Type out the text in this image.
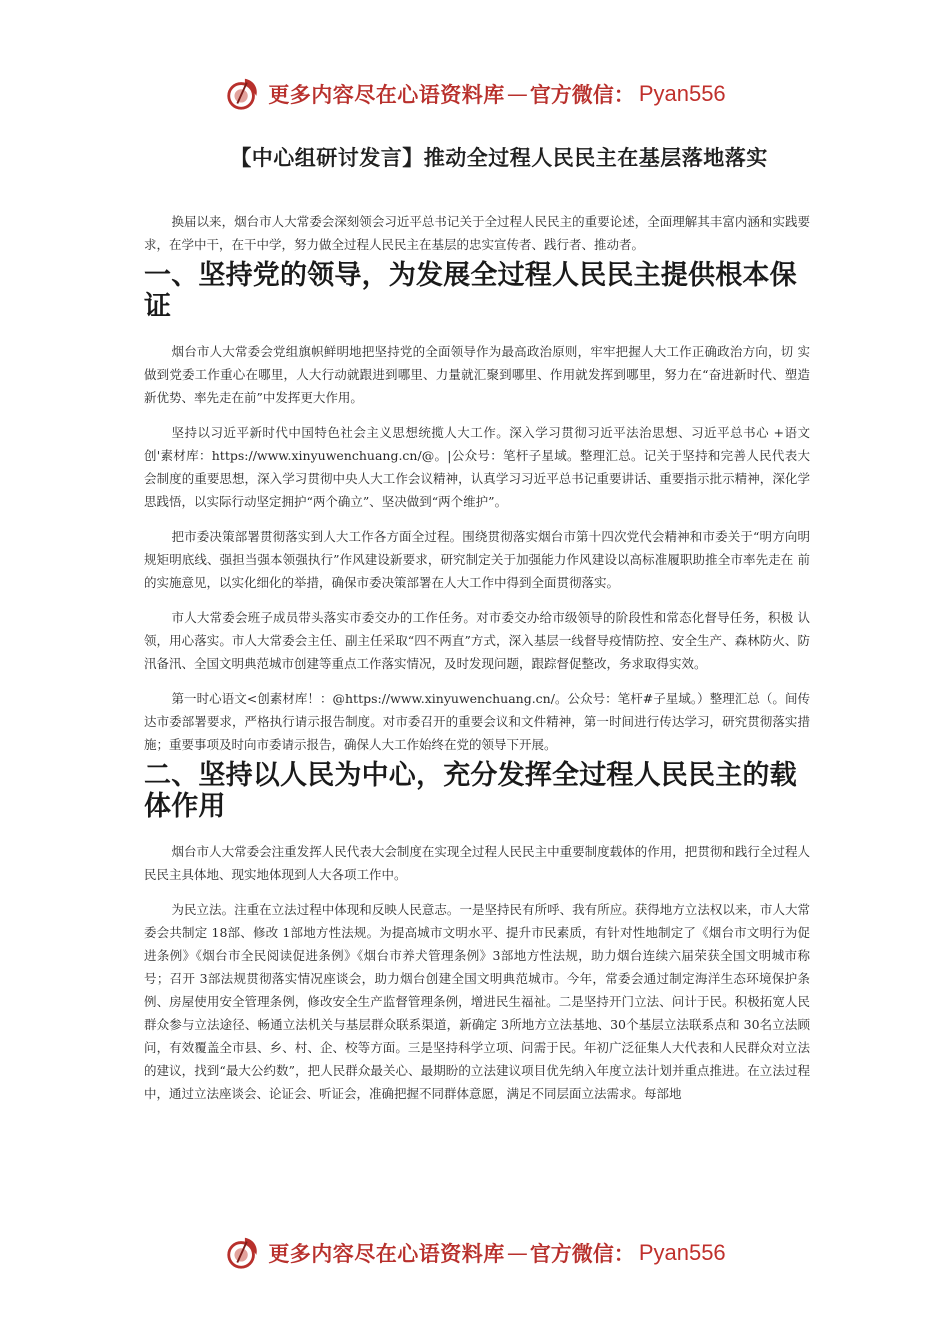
更多内容尽在心语资料库 — 官方微信： Pyan556
【中心组研讨发言】推动全过程人民民主在基层落地落实

换届以来，烟台市人大常委会深刻领会习近平总书记关于全过程人民民主的重要论述，全面理解其丰富内涵和实践要求，在学中干，在干中学，努力做全过程人民民主在基层的忠实宣传者、践行者、推动者。

一、坚持党的领导，为发展全过程人民民主提供根本保证

烟台市人大常委会党组旗帜鲜明地把坚持党的全面领导作为最高政治原则，牢牢把握人大工作正确政治方向，切 实做到党委工作重心在哪里，人大行动就跟进到哪里、力量就汇聚到哪里、作用就发挥到哪里，努力在“奋进新时代、塑造新优势、率先走在前”中发挥更大作用。

坚持以习近平新时代中国特色社会主义思想统揽人大工作。深入学习贯彻习近平法治思想、习近平总书心 +语文创'素材库：https://www.xinyuwenchuang.cn/@。|公众号：笔杆子星域。整理汇总。记关于坚持和完善人民代表大会制度的重要思想，深入学习贯彻中央人大工作会议精神，认真学习习近平总书记重要讲话、重要指示批示精神，深化学思践悟，以实际行动坚定拥护“两个确立”、坚决做到“两个维护”。

把市委决策部署贯彻落实到人大工作各方面全过程。围绕贯彻落实烟台市第十四次党代会精神和市委关于“明方向明规矩明底线、强担当强本领强执行”作风建设新要求，研究制定关于加强能力作风建设以高标准履职助推全市率先走在 前的实施意见，以实化细化的举措，确保市委决策部署在人大工作中得到全面贯彻落实。

市人大常委会班子成员带头落实市委交办的工作任务。对市委交办给市级领导的阶段性和常态化督导任务，积极 认领，用心落实。市人大常委会主任、副主任采取“四不两直”方式，深入基层一线督导疫情防控、安全生产、森林防火、防汛备汛、全国文明典范城市创建等重点工作落实情况，及时发现问题，跟踪督促整改，务求取得实效。

第一时心语文<创素材库！：@https://www.xinyuwenchuang.cn/。公众号：笔杆#子星域。）整理汇总（。间传达市委部署要求，严格执行请示报告制度。对市委召开的重要会议和文件精神，第一时间进行传达学习，研究贯彻落实措施；重要事项及时向市委请示报告，确保人大工作始终在党的领导下开展。

二、坚持以人民为中心，充分发挥全过程人民民主的载体作用

烟台市人大常委会注重发挥人民代表大会制度在实现全过程人民民主中重要制度载体的作用，把贯彻和践行全过程人民民主具体地、现实地体现到人大各项工作中。

为民立法。注重在立法过程中体现和反映人民意志。一是坚持民有所呼、我有所应。获得地方立法权以来，市人大常委会共制定 18部、修改 1部地方性法规。为提高城市文明水平、提升市民素质，有针对性地制定了《烟台市文明行为促进条例》《烟台市全民阅读促进条例》《烟台市养犬管理条例》3部地方性法规，助力烟台连续六届荣获全国文明城市称号；召开 3部法规贯彻落实情况座谈会，助力烟台创建全国文明典范城市。今年，常委会通过制定海洋生态环境保护条例、房屋使用安全管理条例，修改安全生产监督管理条例，增进民生福祉。二是坚持开门立法、问计于民。积极拓宽人民群众参与立法途径、畅通立法机关与基层群众联系渠道，新确定 3所地方立法基地、30个基层立法联系点和 30名立法顾问，有效覆盖全市县、乡、村、企、校等方面。三是坚持科学立项、问需于民。年初广泛征集人大代表和人民群众对立法的建议，找到“最大公约数”，把人民群众最关心、最期盼的立法建议项目优先纳入年度立法计划并重点推进。在立法过程中，通过立法座谈会、论证会、听证会，准确把握不同群体意愿，满足不同层面立法需求。每部地

更多内容尽在心语资料库 — 官方微信： Pyan556
